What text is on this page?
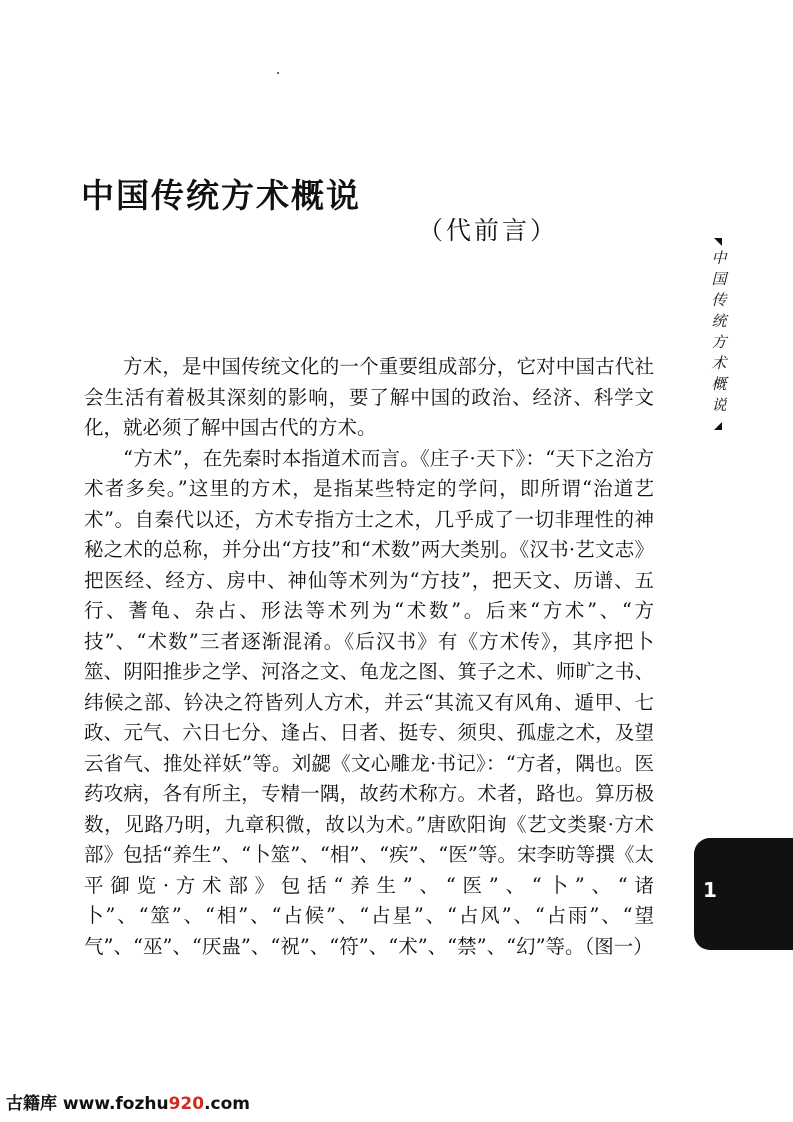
中国传统方术概说
（代前言）
中国传统方术概说

方术，是中国传统文化的一个重要组成部分，它对中国古代社会生活有着极其深刻的影响，要了解中国的政治、经济、科学文化，就必须了解中国古代的方术。

“方术”，在先秦时本指道术而言。《庄子·天下》：“天下之治方术者多矣。”这里的方术，是指某些特定的学问，即所谓“治道艺术”。自秦代以还，方术专指方士之术，几乎成了一切非理性的神秘之术的总称，并分出“方技”和“术数”两大类别。《汉书·艺文志》把医经、经方、房中、神仙等术列为“方技”，把天文、历谱、五行、蓍龟、杂占、形法等术列为“术数”。后来“方术”、“方技”、“术数”三者逐渐混淆。《后汉书》有《方术传》，其序把卜筮、阴阳推步之学、河洛之文、龟龙之图、箕子之术、师旷之书、纬候之部、钤决之符皆列人方术，并云“其流又有风角、遁甲、七政、元气、六日七分、逢占、日者、挺专、须臾、孤虚之术，及望云省气、推处祥妖”等。刘勰《文心雕龙·书记》：“方者，隅也。医药攻病，各有所主，专精一隅，故药术称方。术者，路也。算历极数，见路乃明，九章积微，故以为术。”唐欧阳询《艺文类聚·方术部》包括“养生”、“卜筮”、“相”、“疾”、“医”等。宋李昉等撰《太平御览·方术部》包括“养生”、“医”、“卜”、“诸卜”、“筮”、“相”、“占候”、“占星”、“占风”、“占雨”、“望气”、“巫”、“厌蛊”、“祝”、“符”、“术”、“禁”、“幻”等。（图一）

1
古籍库 www.fozhu920.com
